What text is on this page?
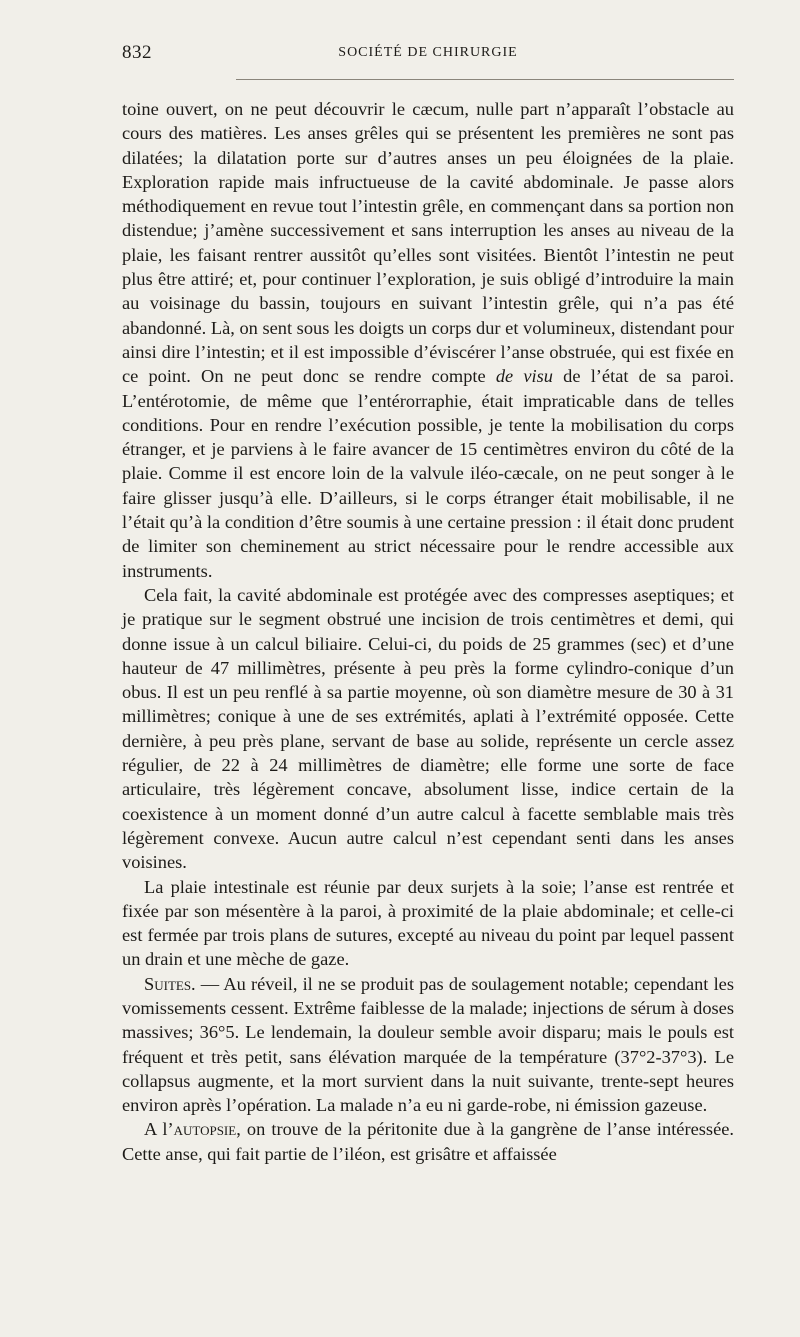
832	SOCIÉTÉ DE CHIRURGIE

toine ouvert, on ne peut découvrir le cæcum, nulle part n’apparaît l’obstacle au cours des matières. Les anses grêles qui se présentent les premières ne sont pas dilatées; la dilatation porte sur d’autres anses un peu éloignées de la plaie. Exploration rapide mais infructueuse de la cavité abdominale. Je passe alors méthodiquement en revue tout l’intestin grêle, en commençant dans sa portion non distendue; j’amène successivement et sans interruption les anses au niveau de la plaie, les faisant rentrer aussitôt qu’elles sont visitées. Bientôt l’intestin ne peut plus être attiré; et, pour continuer l’exploration, je suis obligé d’introduire la main au voisinage du bassin, toujours en suivant l’intestin grêle, qui n’a pas été abandonné. Là, on sent sous les doigts un corps dur et volumineux, distendant pour ainsi dire l’intestin; et il est impossible d’éviscérer l’anse obstruée, qui est fixée en ce point. On ne peut donc se rendre compte de visu de l’état de sa paroi. L’entérotomie, de même que l’entérorraphie, était impraticable dans de telles conditions. Pour en rendre l’exécution possible, je tente la mobilisation du corps étranger, et je parviens à le faire avancer de 15 centimètres environ du côté de la plaie. Comme il est encore loin de la valvule iléo-cæcale, on ne peut songer à le faire glisser jusqu’à elle. D’ailleurs, si le corps étranger était mobilisable, il ne l’était qu’à la condition d’être soumis à une certaine pression : il était donc prudent de limiter son cheminement au strict nécessaire pour le rendre accessible aux instruments.

Cela fait, la cavité abdominale est protégée avec des compresses aseptiques; et je pratique sur le segment obstrué une incision de trois centimètres et demi, qui donne issue à un calcul biliaire. Celui-ci, du poids de 25 grammes (sec) et d’une hauteur de 47 millimètres, présente à peu près la forme cylindro-conique d’un obus. Il est un peu renflé à sa partie moyenne, où son diamètre mesure de 30 à 31 millimètres; conique à une de ses extrémités, aplati à l’extrémité opposée. Cette dernière, à peu près plane, servant de base au solide, représente un cercle assez régulier, de 22 à 24 millimètres de diamètre; elle forme une sorte de face articulaire, très légèrement concave, absolument lisse, indice certain de la coexistence à un moment donné d’un autre calcul à facette semblable mais très légèrement convexe. Aucun autre calcul n’est cependant senti dans les anses voisines.

La plaie intestinale est réunie par deux surjets à la soie; l’anse est rentrée et fixée par son mésentère à la paroi, à proximité de la plaie abdominale; et celle-ci est fermée par trois plans de sutures, excepté au niveau du point par lequel passent un drain et une mèche de gaze.

Suites. — Au réveil, il ne se produit pas de soulagement notable; cependant les vomissements cessent. Extrême faiblesse de la malade; injections de sérum à doses massives; 36°5. Le lendemain, la douleur semble avoir disparu; mais le pouls est fréquent et très petit, sans élévation marquée de la température (37°2-37°3). Le collapsus augmente, et la mort survient dans la nuit suivante, trente-sept heures environ après l’opération. La malade n’a eu ni garde-robe, ni émission gazeuse.

A l’autopsie, on trouve de la péritonite due à la gangrène de l’anse intéressée. Cette anse, qui fait partie de l’iléon, est grisâtre et affaissée
